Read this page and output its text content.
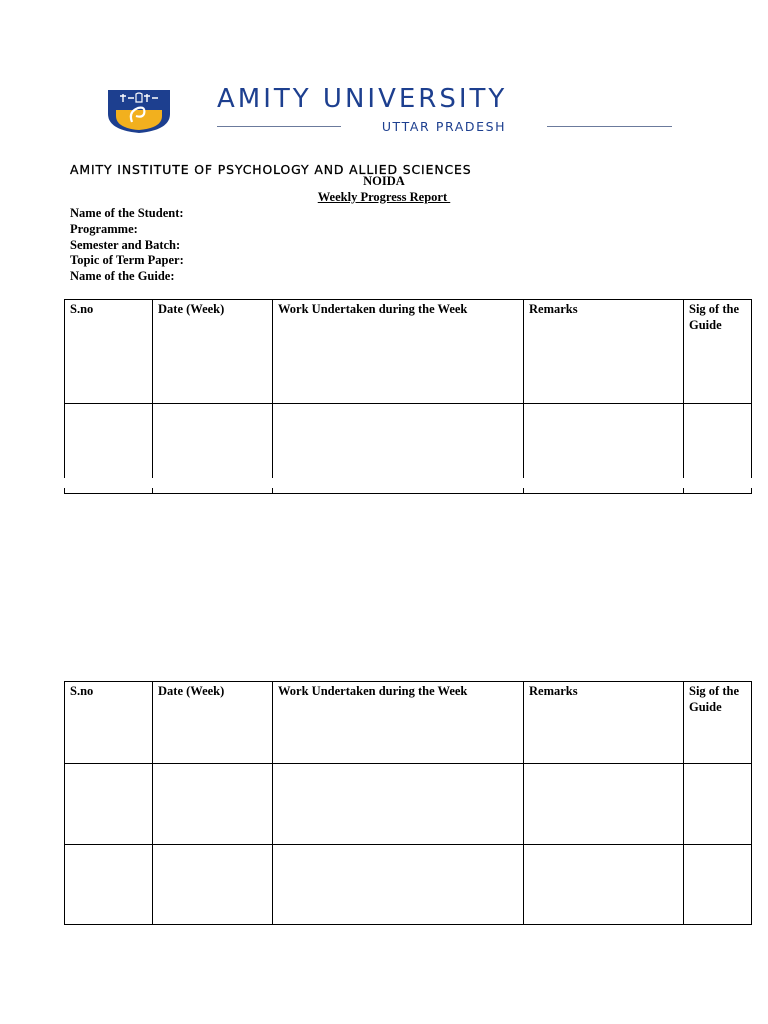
AMITY UNIVERSITY
UTTAR PRADESH
AMITY INSTITUTE OF PSYCHOLOGY AND ALLIED SCIENCES
NOIDA
Weekly Progress Report
Name of the Student:
Programme:
Semester and Batch:
Topic of Term Paper:
Name of the Guide:
S.no	Date (Week)	Work Undertaken during the Week	Remarks	Sig of the Guide

S.no	Date (Week)	Work Undertaken during the Week	Remarks	Sig of the Guide
